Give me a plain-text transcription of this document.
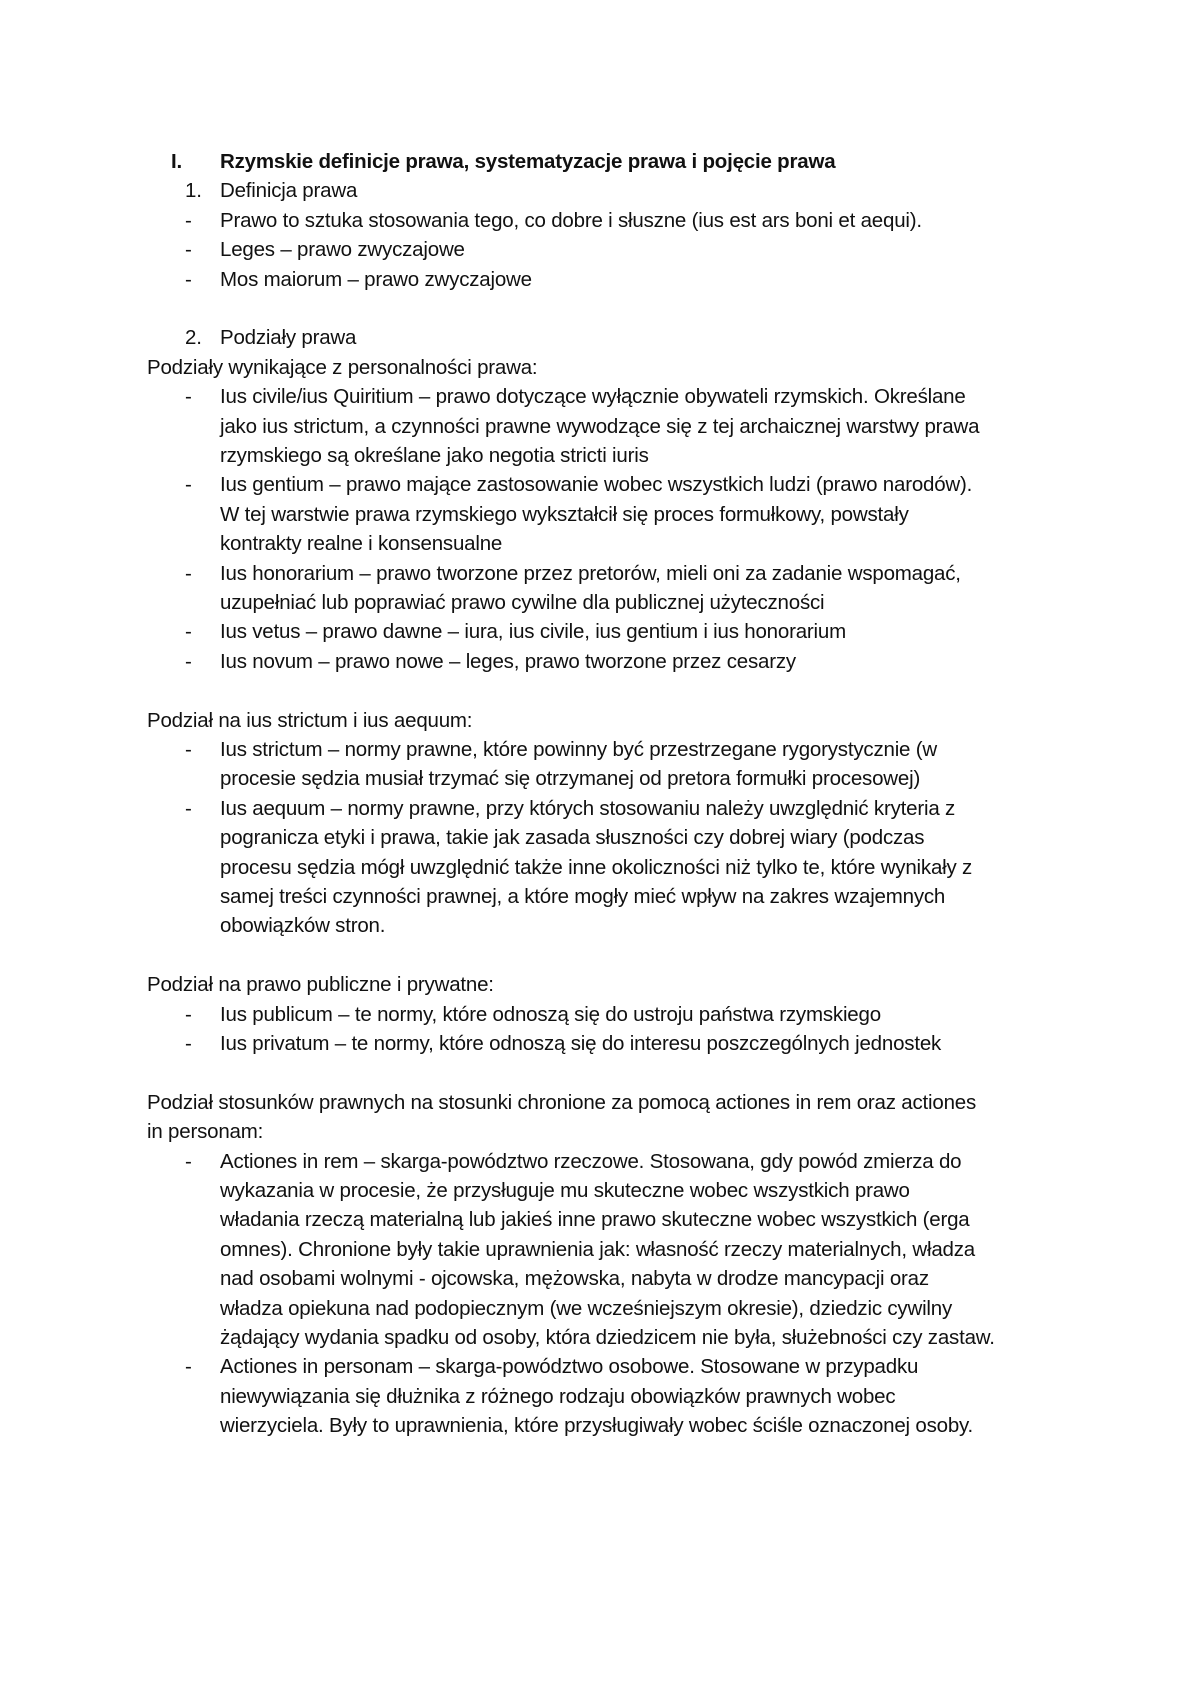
I. Rzymskie definicje prawa, systematyzacje prawa i pojęcie prawa
1. Definicja prawa
- Prawo to sztuka stosowania tego, co dobre i słuszne (ius est ars boni et aequi).
- Leges – prawo zwyczajowe
- Mos maiorum – prawo zwyczajowe
2. Podziały prawa
Podziały wynikające z personalności prawa:
- Ius civile/ius Quiritium – prawo dotyczące wyłącznie obywateli rzymskich. Określane
jako ius strictum, a czynności prawne wywodzące się z tej archaicznej warstwy prawa
rzymskiego są określane jako negotia stricti iuris
- Ius gentium – prawo mające zastosowanie wobec wszystkich ludzi (prawo narodów).
W tej warstwie prawa rzymskiego wykształcił się proces formułkowy, powstały
kontrakty realne i konsensualne
- Ius honorarium – prawo tworzone przez pretorów, mieli oni za zadanie wspomagać,
uzupełniać lub poprawiać prawo cywilne dla publicznej użyteczności
- Ius vetus – prawo dawne – iura, ius civile, ius gentium i ius honorarium
- Ius novum – prawo nowe – leges, prawo tworzone przez cesarzy
Podział na ius strictum i ius aequum:
- Ius strictum – normy prawne, które powinny być przestrzegane rygorystycznie (w
procesie sędzia musiał trzymać się otrzymanej od pretora formułki procesowej)
- Ius aequum – normy prawne, przy których stosowaniu należy uwzględnić kryteria z
pogranicza etyki i prawa, takie jak zasada słuszności czy dobrej wiary (podczas
procesu sędzia mógł uwzględnić także inne okoliczności niż tylko te, które wynikały z
samej treści czynności prawnej, a które mogły mieć wpływ na zakres wzajemnych
obowiązków stron.
Podział na prawo publiczne i prywatne:
- Ius publicum – te normy, które odnoszą się do ustroju państwa rzymskiego
- Ius privatum – te normy, które odnoszą się do interesu poszczególnych jednostek
Podział stosunków prawnych na stosunki chronione za pomocą actiones in rem oraz actiones
in personam:
- Actiones in rem – skarga-powództwo rzeczowe. Stosowana, gdy powód zmierza do
wykazania w procesie, że przysługuje mu skuteczne wobec wszystkich prawo
władania rzeczą materialną lub jakieś inne prawo skuteczne wobec wszystkich (erga
omnes). Chronione były takie uprawnienia jak: własność rzeczy materialnych, władza
nad osobami wolnymi - ojcowska, mężowska, nabyta w drodze mancypacji oraz
władza opiekuna nad podopiecznym (we wcześniejszym okresie), dziedzic cywilny
żądający wydania spadku od osoby, która dziedzicem nie była, służebności czy zastaw.
- Actiones in personam – skarga-powództwo osobowe. Stosowane w przypadku
niewywiązania się dłużnika z różnego rodzaju obowiązków prawnych wobec
wierzyciela. Były to uprawnienia, które przysługiwały wobec ściśle oznaczonej osoby.
